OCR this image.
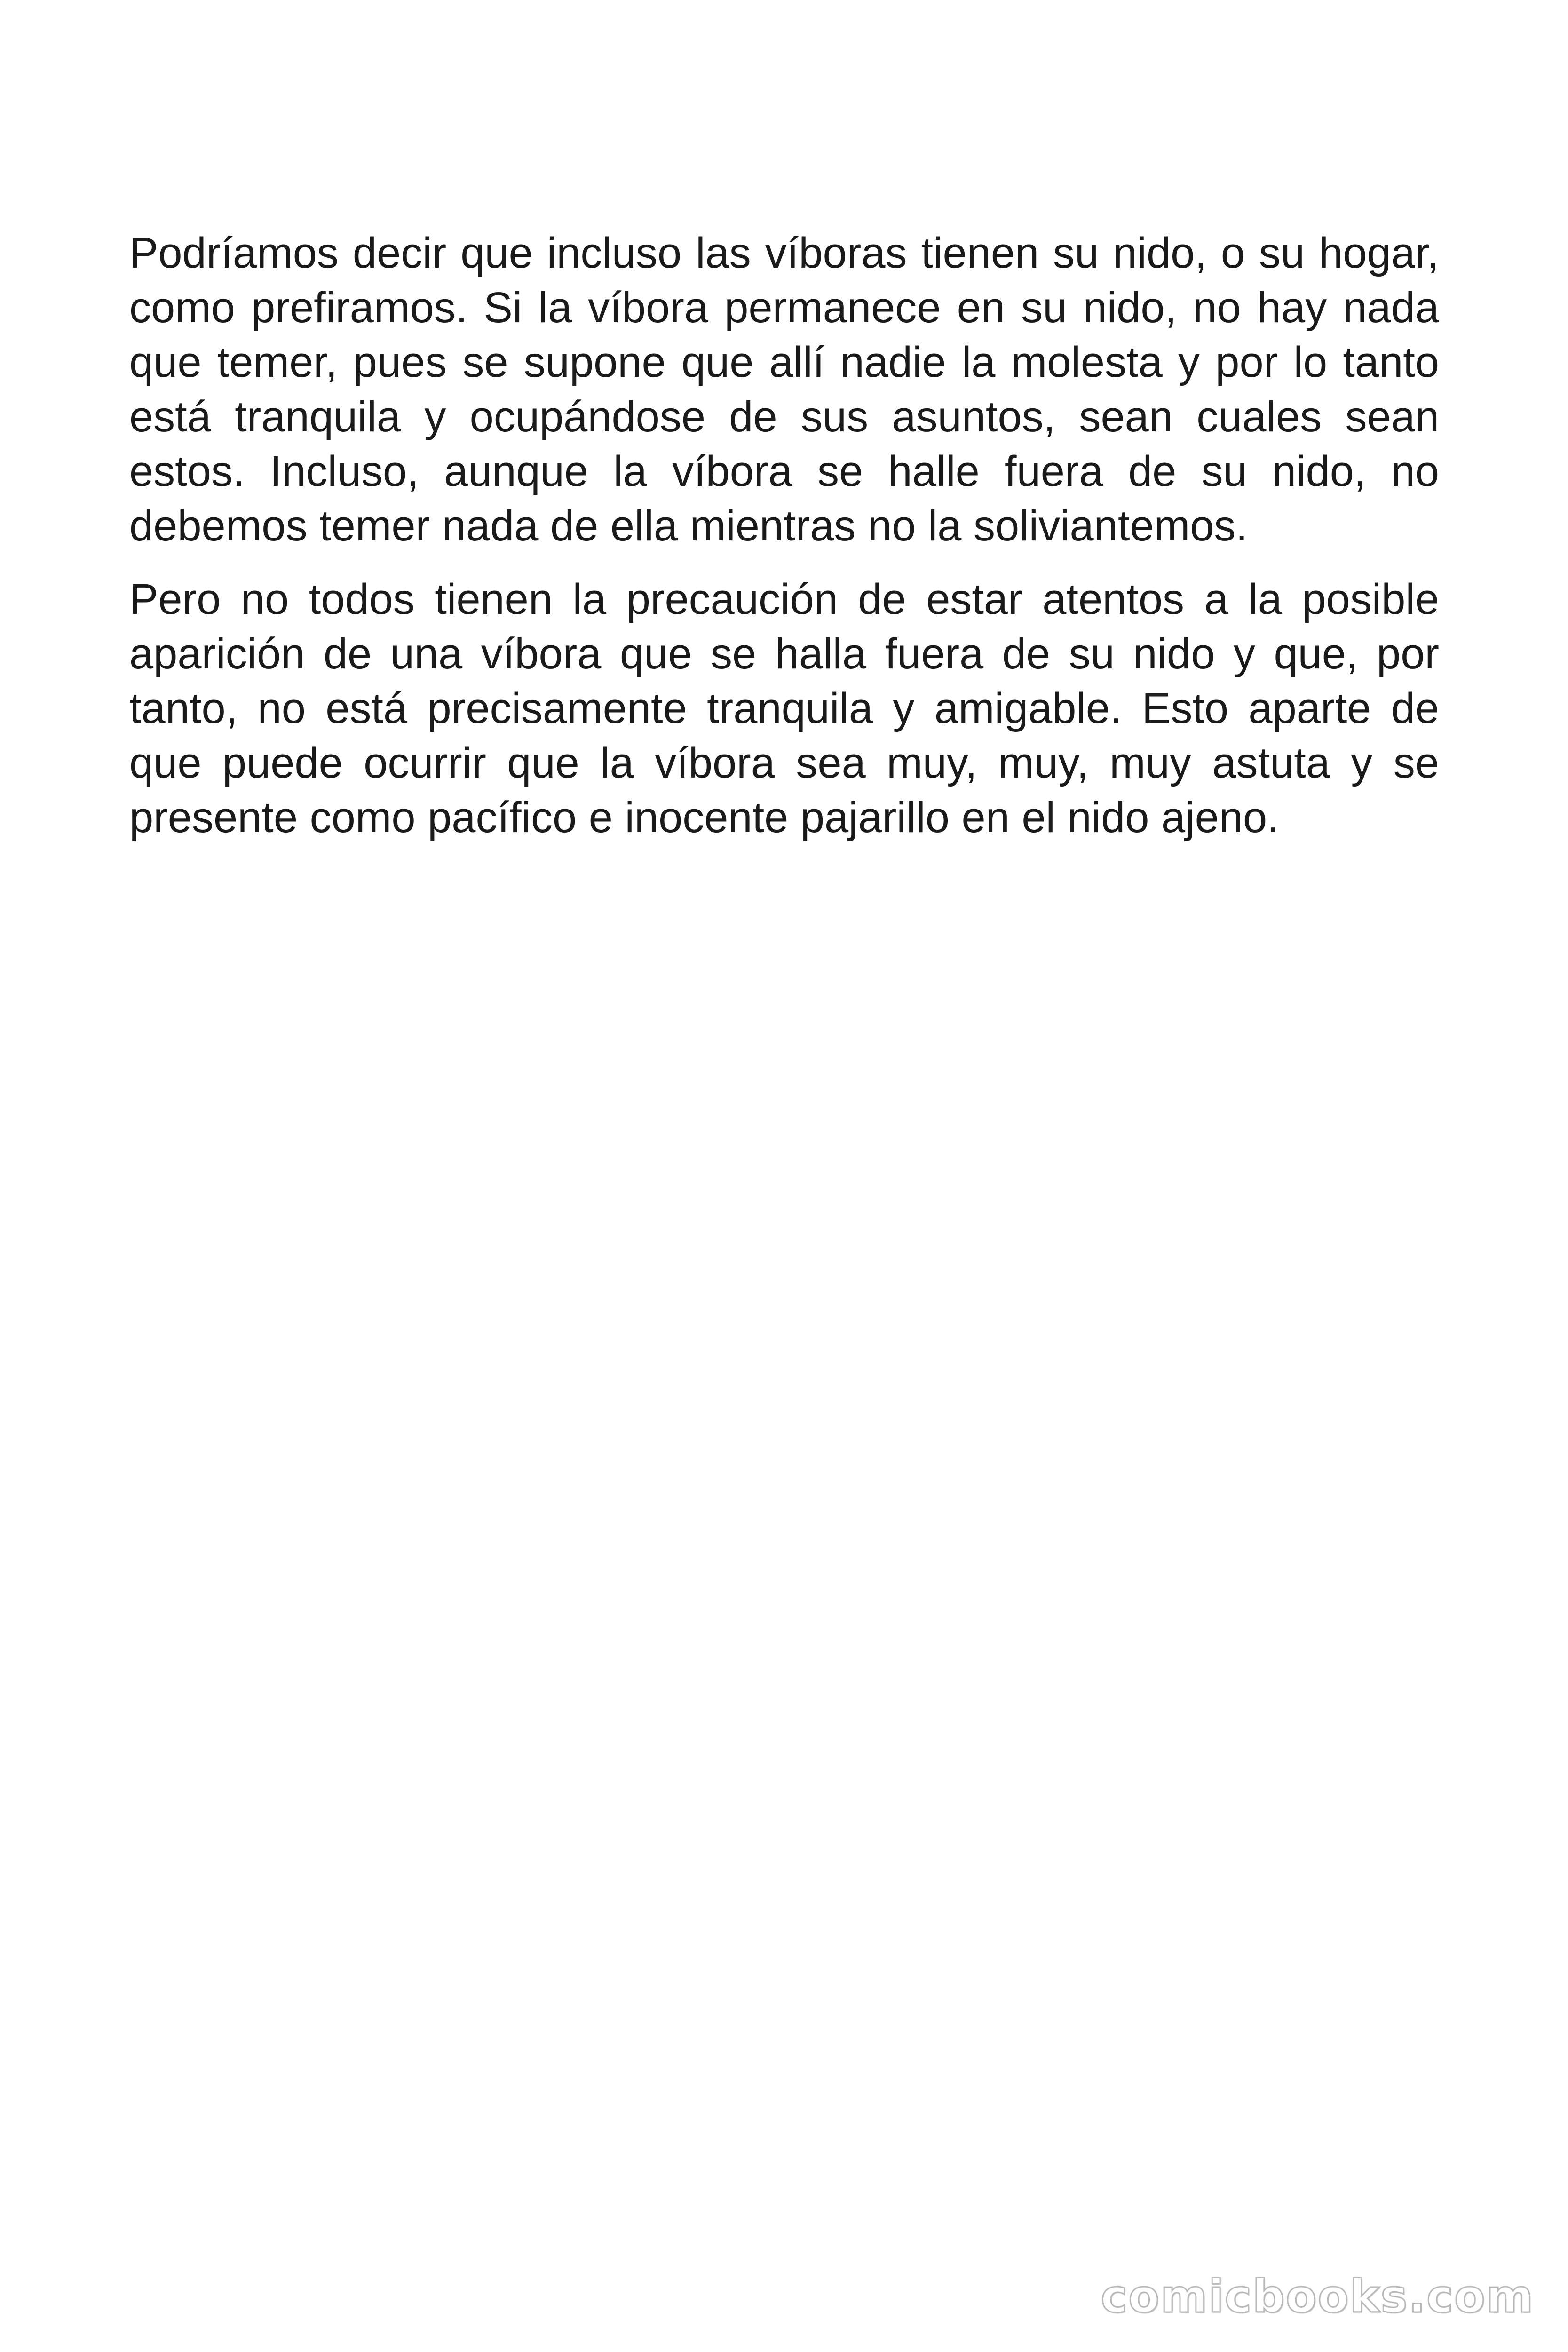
Podríamos decir que incluso las víboras tienen su nido, o su hogar, como prefiramos. Si la víbora permanece en su nido, no hay nada que temer, pues se supone que allí nadie la molesta y por lo tanto está tranquila y ocupándose de sus asuntos, sean cuales sean estos. Incluso, aunque la víbora se halle fuera de su nido, no debemos temer nada de ella mientras no la soliviantemos.

Pero no todos tienen la precaución de estar atentos a la posible aparición de una víbora que se halla fuera de su nido y que, por tanto, no está precisamente tranquila y amigable. Esto aparte de que puede ocurrir que la víbora sea muy, muy, muy astuta y se presente como pacífico e inocente pajarillo en el nido ajeno.

comicbooks.com
